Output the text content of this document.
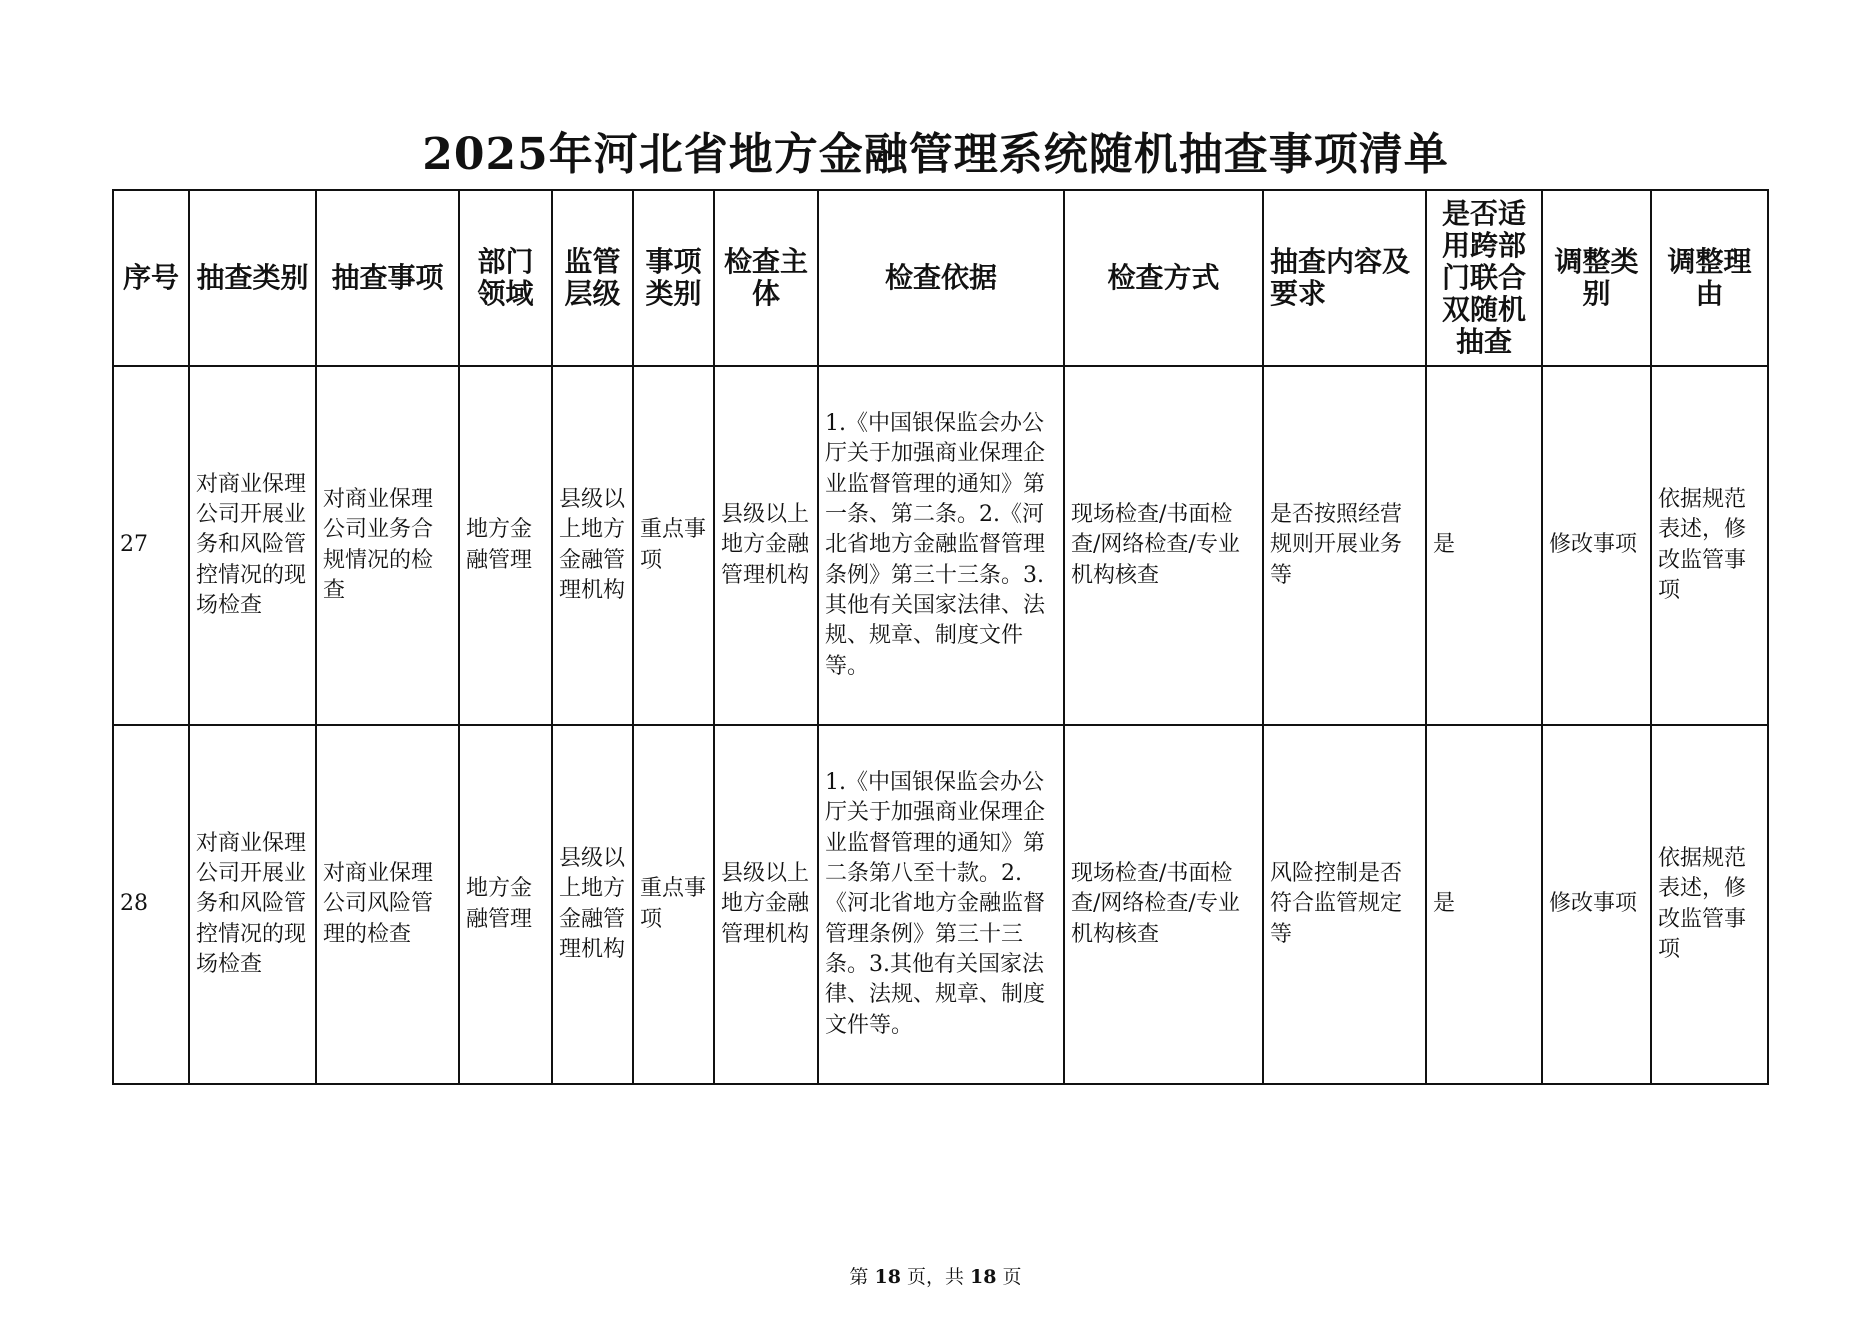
2025年河北省地方金融管理系统随机抽查事项清单
序号	抽查类别	抽查事项	部门领域	监管层级	事项类别	检查主体	检查依据	检查方式	抽查内容及要求	是否适用跨部门联合双随机抽查	调整类别	调整理由
27	对商业保理公司开展业务和风险管控情况的现场检查	对商业保理公司业务合规情况的检查	地方金融管理	县级以上地方金融管理机构	重点事项	县级以上地方金融管理机构	1.《中国银保监会办公厅关于加强商业保理企业监督管理的通知》第一条、第二条。2.《河北省地方金融监督管理条例》第三十三条。3.其他有关国家法律、法规、规章、制度文件等。	现场检查/书面检查/网络检查/专业机构核查	是否按照经营规则开展业务等	是	修改事项	依据规范表述，修改监管事项
28	对商业保理公司开展业务和风险管控情况的现场检查	对商业保理公司风险管理的检查	地方金融管理	县级以上地方金融管理机构	重点事项	县级以上地方金融管理机构	1.《中国银保监会办公厅关于加强商业保理企业监督管理的通知》第二条第八至十款。2.《河北省地方金融监督管理条例》第三十三条。3.其他有关国家法律、法规、规章、制度文件等。	现场检查/书面检查/网络检查/专业机构核查	风险控制是否符合监管规定等	是	修改事项	依据规范表述，修改监管事项
第 18 页，共 18 页
